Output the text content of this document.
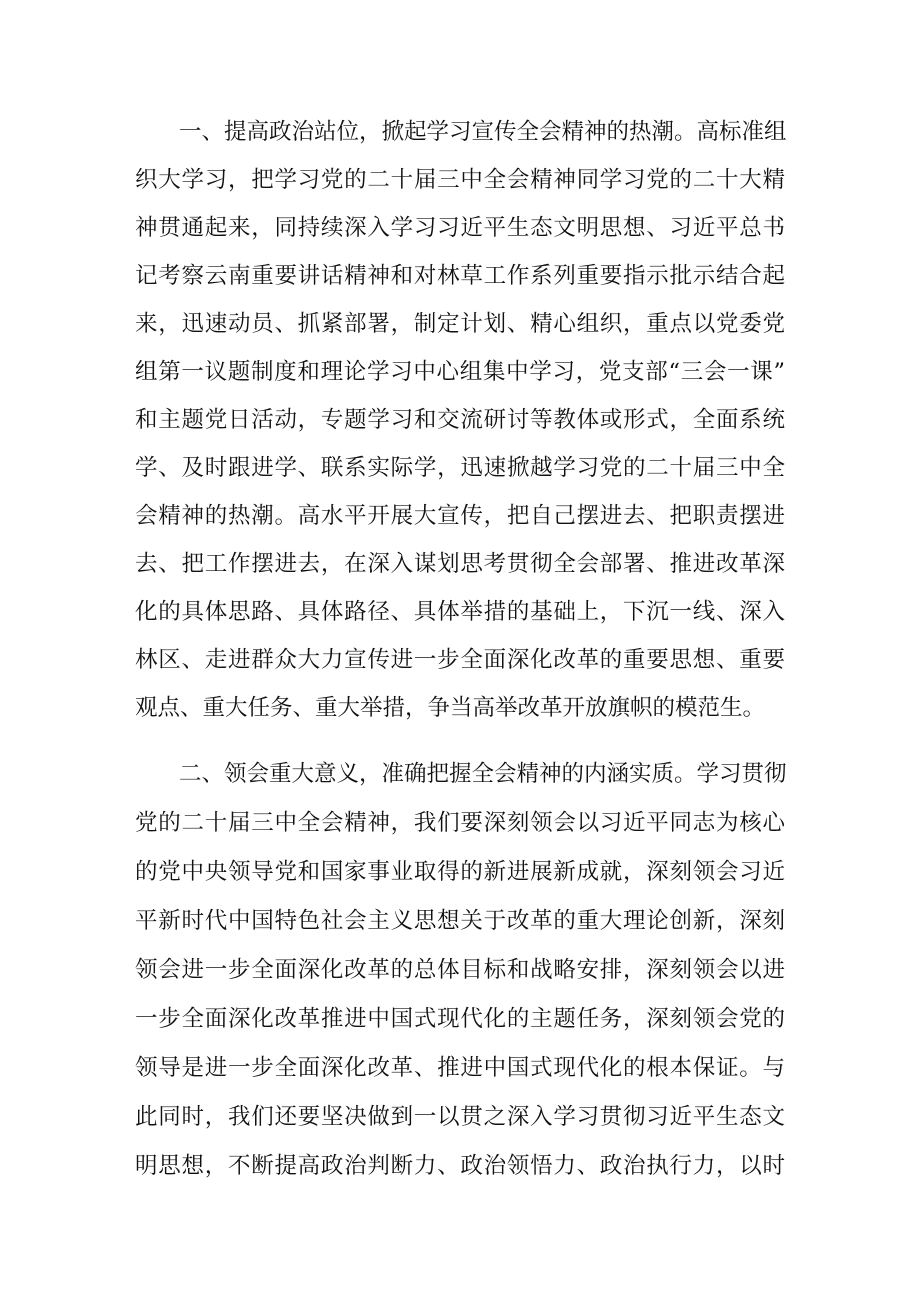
一、提高政治站位，掀起学习宣传全会精神的热潮。高标准组

织大学习，把学习党的二十届三中全会精神同学习党的二十大精

神贯通起来，同持续深入学习习近平生态文明思想、习近平总书

记考察云南重要讲话精神和对林草工作系列重要指示批示结合起

来，迅速动员、抓紧部署，制定计划、精心组织，重点以党委党

组第一议题制度和理论学习中心组集中学习，党支部“三会一课”

和主题党日活动，专题学习和交流研讨等教体或形式，全面系统

学、及时跟进学、联系实际学，迅速掀越学习党的二十届三中全

会精神的热潮。高水平开展大宣传，把自己摆进去、把职责摆进

去、把工作摆进去，在深入谋划思考贯彻全会部署、推进改革深

化的具体思路、具体路径、具体举措的基础上，下沉一线、深入

林区、走进群众大力宣传进一步全面深化改革的重要思想、重要

观点、重大任务、重大举措，争当高举改革开放旗帜的模范生。

二、领会重大意义，准确把握全会精神的内涵实质。学习贯彻

党的二十届三中全会精神，我们要深刻领会以习近平同志为核心

的党中央领导党和国家事业取得的新进展新成就，深刻领会习近

平新时代中国特色社会主义思想关于改革的重大理论创新，深刻

领会进一步全面深化改革的总体目标和战略安排，深刻领会以进

一步全面深化改革推进中国式现代化的主题任务，深刻领会党的

领导是进一步全面深化改革、推进中国式现代化的根本保证。与

此同时，我们还要坚决做到一以贯之深入学习贯彻习近平生态文

明思想，不断提高政治判断力、政治领悟力、政治执行力，以时
